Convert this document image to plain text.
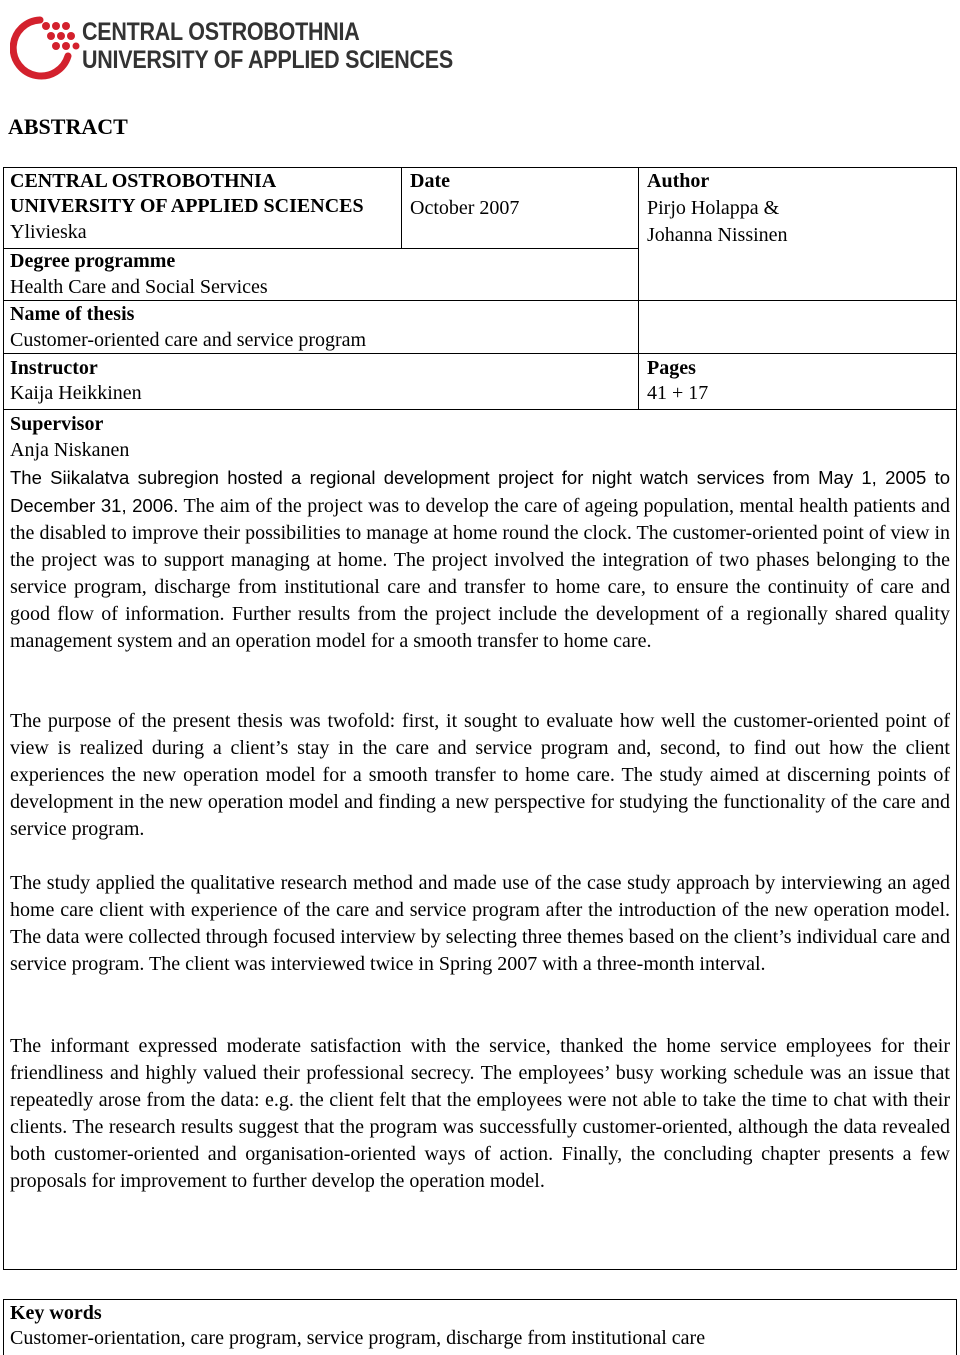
CENTRAL OSTROBOTHNIA
UNIVERSITY OF APPLIED SCIENCES
ABSTRACT
CENTRAL OSTROBOTHNIA
UNIVERSITY OF APPLIED SCIENCES
Ylivieska
Date
October 2007
Author
Pirjo Holappa &
Johanna Nissinen
Degree programme
Health Care and Social Services
Name of thesis
Customer-oriented care and service program
Instructor
Kaija Heikkinen
Pages
41 + 17
Supervisor
Anja Niskanen
The Siikalatva subregion hosted a regional development project for night watch services from May 1, 2005 to December 31, 2006. The aim of the project was to develop the care of ageing population, mental health patients and the disabled to improve their possibilities to manage at home round the clock. The customer-oriented point of view in the project was to support managing at home. The project involved the integration of two phases belonging to the service program, discharge from institutional care and transfer to home care, to ensure the continuity of care and good flow of information. Further results from the project include the development of a regionally shared quality management system and an operation model for a smooth transfer to home care.
The purpose of the present thesis was twofold: first, it sought to evaluate how well the customer-oriented point of view is realized during a client’s stay in the care and service program and, second, to find out how the client experiences the new operation model for a smooth transfer to home care. The study aimed at discerning points of development in the new operation model and finding a new perspective for studying the functionality of the care and service program.
The study applied the qualitative research method and made use of the case study approach by interviewing an aged home care client with experience of the care and service program after the introduction of the new operation model. The data were collected through focused interview by selecting three themes based on the client’s individual care and service program. The client was interviewed twice in Spring 2007 with a three-month interval.
The informant expressed moderate satisfaction with the service, thanked the home service employees for their friendliness and highly valued their professional secrecy. The employees’ busy working schedule was an issue that repeatedly arose from the data: e.g. the client felt that the employees were not able to take the time to chat with their clients. The research results suggest that the program was successfully customer-oriented, although the data revealed both customer-oriented and organisation-oriented ways of action. Finally, the concluding chapter presents a few proposals for improvement to further develop the operation model.
Key words
Customer-orientation, care program, service program, discharge from institutional care
